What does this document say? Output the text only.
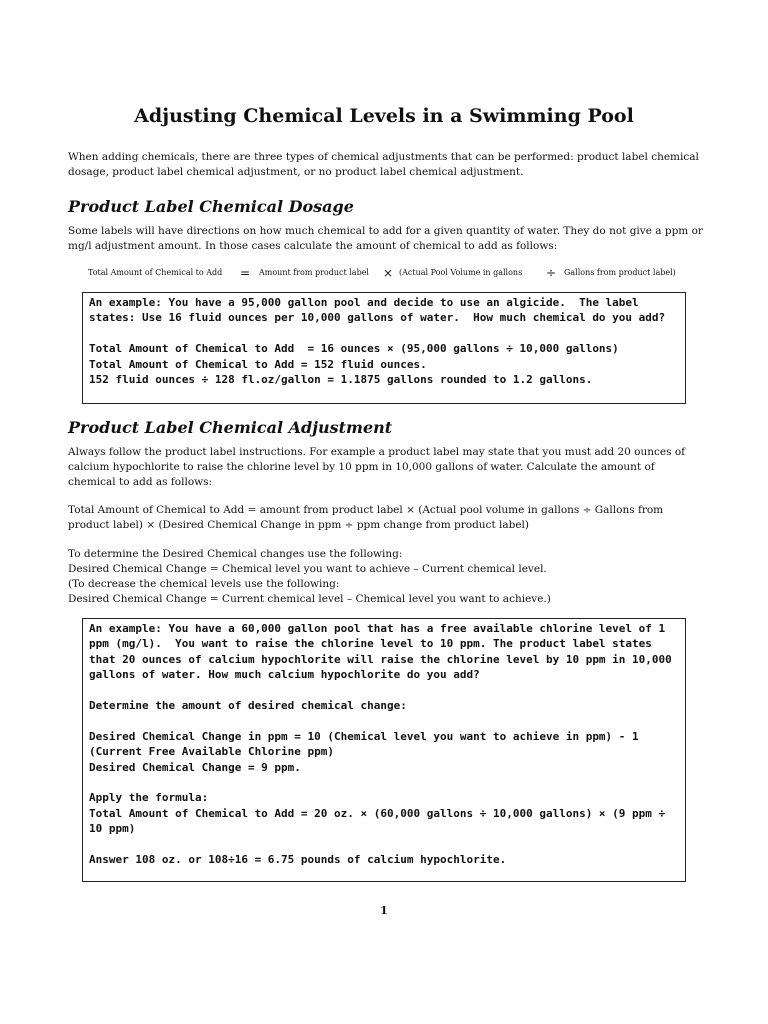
Adjusting Chemical Levels in a Swimming Pool

When adding chemicals, there are three types of chemical adjustments that can be performed: product label chemical dosage, product label chemical adjustment, or no product label chemical adjustment.

Product Label Chemical Dosage

Some labels will have directions on how much chemical to add for a given quantity of water. They do not give a ppm or mg/l adjustment amount. In those cases calculate the amount of chemical to add as follows:

Total Amount of Chemical to Add = Amount from product label × (Actual Pool Volume in gallons ÷ Gallons from product label)

An example: You have a 95,000 gallon pool and decide to use an algicide.  The label states: Use 16 fluid ounces per 10,000 gallons of water.  How much chemical do you add?

Total Amount of Chemical to Add  = 16 ounces × (95,000 gallons ÷ 10,000 gallons)

Total Amount of Chemical to Add = 152 fluid ounces.

152 fluid ounces ÷ 128 fl.oz/gallon = 1.1875 gallons rounded to 1.2 gallons.

Product Label Chemical Adjustment

Always follow the product label instructions. For example a product label may state that you must add 20 ounces of calcium hypochlorite to raise the chlorine level by 10 ppm in 10,000 gallons of water. Calculate the amount of chemical to add as follows:

Total Amount of Chemical to Add = amount from product label × (Actual pool volume in gallons ÷ Gallons from product label) × (Desired Chemical Change in ppm ÷ ppm change from product label)

To determine the Desired Chemical changes use the following:
Desired Chemical Change = Chemical level you want to achieve – Current chemical level.
(To decrease the chemical levels use the following:
Desired Chemical Change = Current chemical level – Chemical level you want to achieve.)

An example: You have a 60,000 gallon pool that has a free available chlorine level of 1 ppm (mg/l).  You want to raise the chlorine level to 10 ppm. The product label states that 20 ounces of calcium hypochlorite will raise the chlorine level by 10 ppm in 10,000 gallons of water. How much calcium hypochlorite do you add?

Determine the amount of desired chemical change:

Desired Chemical Change in ppm = 10 (Chemical level you want to achieve in ppm) - 1 (Current Free Available Chlorine ppm)

Desired Chemical Change = 9 ppm.

Apply the formula:

Total Amount of Chemical to Add = 20 oz. × (60,000 gallons ÷ 10,000 gallons) × (9 ppm ÷ 10 ppm)

Answer 108 oz. or 108÷16 = 6.75 pounds of calcium hypochlorite.

1
